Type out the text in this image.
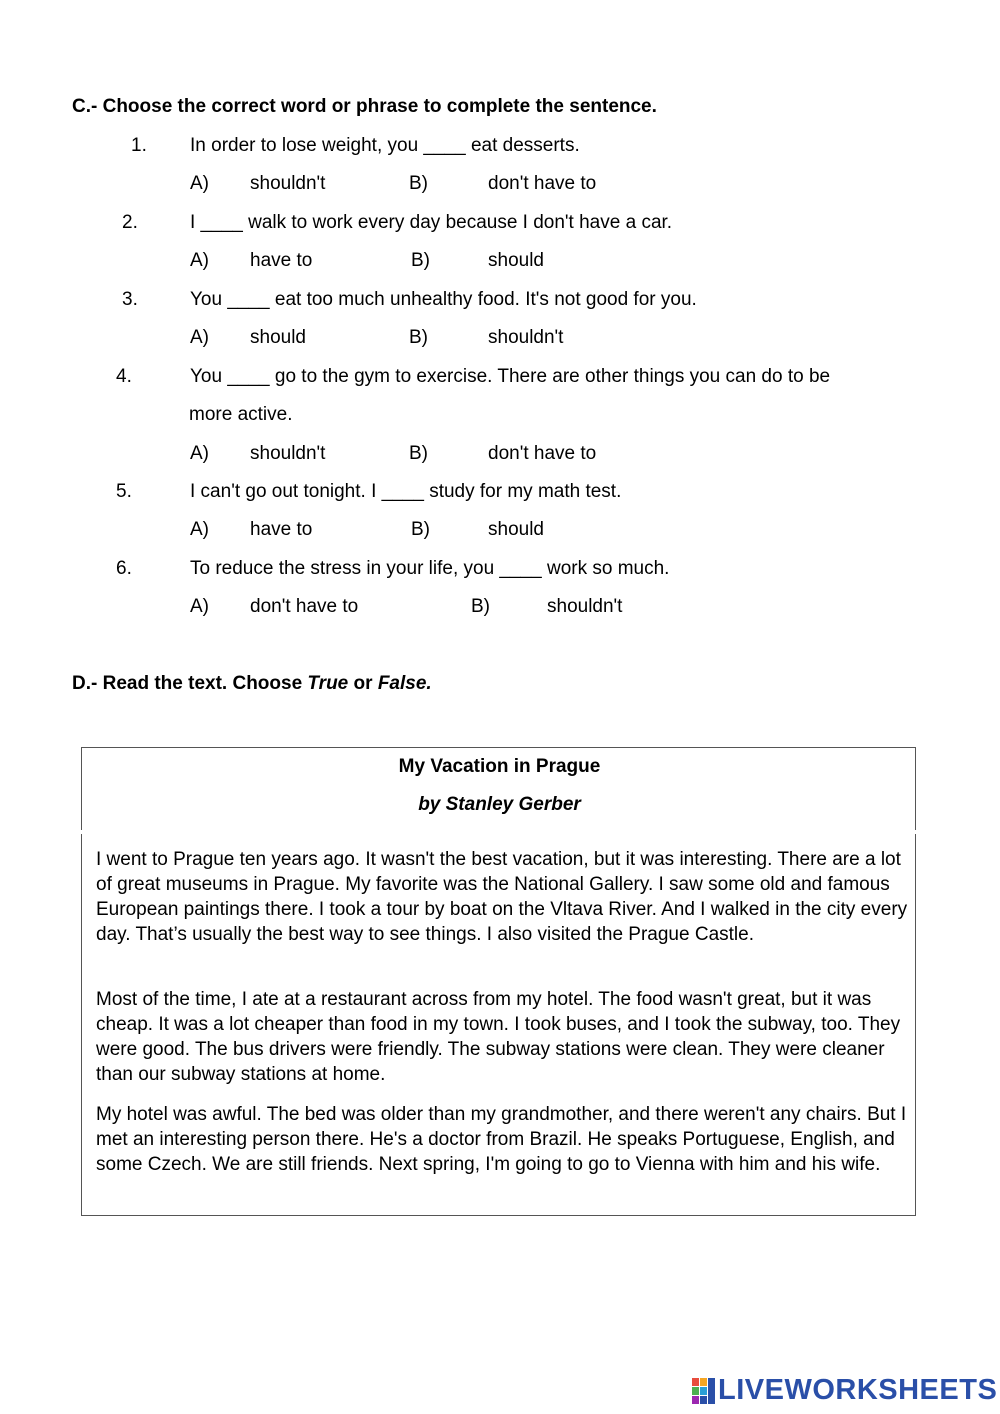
C.- Choose the correct word or phrase to complete the sentence.
1. In order to lose weight, you ____ eat desserts.
A) shouldn't	B)	don't have to
2.	I ____ walk to work every day because I don't have a car.
A) have to	B)	should
3.	You ____ eat too much unhealthy food. It's not good for you.
A) should	B)	shouldn't
4.	You ____ go to the gym to exercise. There are other things you can do to be
more active.
A) shouldn't	B)	don't have to
5.	I can't go out tonight. I ____ study for my math test.
A) have to	B)	should
6.	To reduce the stress in your life, you ____ work so much.
A) don't have to	B)	shouldn't
D.- Read the text. Choose True or False.
My Vacation in Prague
by Stanley Gerber
I went to Prague ten years ago. It wasn't the best vacation, but it was interesting. There are a lot of great museums in Prague. My favorite was the National Gallery. I saw some old and famous European paintings there. I took a tour by boat on the Vltava River. And I walked in the city every day. That’s usually the best way to see things. I also visited the Prague Castle.
Most of the time, I ate at a restaurant across from my hotel. The food wasn't great, but it was cheap. It was a lot cheaper than food in my town. I took buses, and I took the subway, too. They were good. The bus drivers were friendly. The subway stations were clean. They were cleaner than our subway stations at home.
My hotel was awful. The bed was older than my grandmother, and there weren't any chairs. But I met an interesting person there. He's a doctor from Brazil. He speaks Portuguese, English, and some Czech. We are still friends. Next spring, I'm going to go to Vienna with him and his wife.
LIVEWORKSHEETS
